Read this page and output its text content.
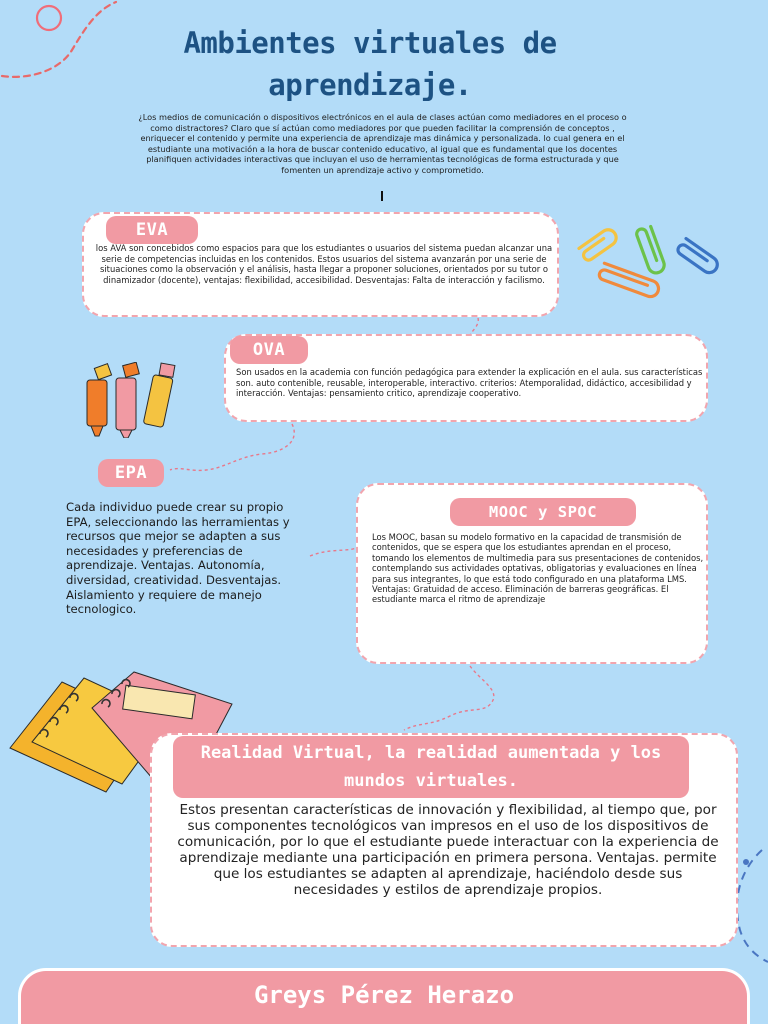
Ambientes virtuales de aprendizaje.

¿Los medios de comunicación o dispositivos electrónicos en el aula de clases actúan como mediadores en el proceso o como distractores? Claro que sí actúan como mediadores por que pueden facilitar la comprensión de conceptos , enriquecer el contenido y permite una experiencia de aprendizaje mas dinámica y personalizada. lo cual genera en el estudiante una motivación a la hora de buscar contenido educativo, al igual que es fundamental que los docentes planifiquen actividades interactivas que incluyan el uso de herramientas tecnológicas de forma estructurada y que fomenten un aprendizaje activo y comprometido.

EVA

los AVA son concebidos como espacios para que los estudiantes o usuarios del sistema puedan alcanzar una serie de competencias incluidas en los contenidos. Estos usuarios del sistema avanzarán por una serie de situaciones como la observación y el análisis, hasta llegar a proponer soluciones, orientados por su tutor o dinamizador (docente), ventajas: flexibilidad, accesibilidad. Desventajas: Falta de interacción y facilismo.

OVA

Son usados en la academia con función pedagógica para extender la explicación en el aula. sus características son. auto contenible, reusable, interoperable, interactivo. criterios: Atemporalidad, didáctico, accesibilidad y interacción. Ventajas: pensamiento critico, aprendizaje cooperativo.

EPA

Cada individuo puede crear su propio EPA, seleccionando las herramientas y recursos que mejor se adapten a sus necesidades y preferencias de aprendizaje. Ventajas. Autonomía, diversidad, creatividad. Desventajas. Aislamiento y requiere de manejo tecnologico.

MOOC y SPOC

Los MOOC, basan su modelo formativo en la capacidad de transmisión de contenidos, que se espera que los estudiantes aprendan en el proceso, tomando los elementos de multimedia para sus presentaciones de contenidos, contemplando sus actividades optativas, obligatorias y evaluaciones en línea para sus integrantes, lo que está todo configurado en una plataforma LMS. Ventajas: Gratuidad de acceso. Eliminación de barreras geográficas. El estudiante marca el ritmo de aprendizaje

Realidad Virtual, la realidad aumentada y los mundos virtuales.

Estos presentan características de innovación y flexibilidad, al tiempo que, por sus componentes tecnológicos van impresos en el uso de los dispositivos de comunicación, por lo que el estudiante puede interactuar con la experiencia de aprendizaje mediante una participación en primera persona. Ventajas. permite que los estudiantes se adapten al aprendizaje, haciéndolo desde sus necesidades y estilos de aprendizaje propios.

Greys Pérez Herazo
